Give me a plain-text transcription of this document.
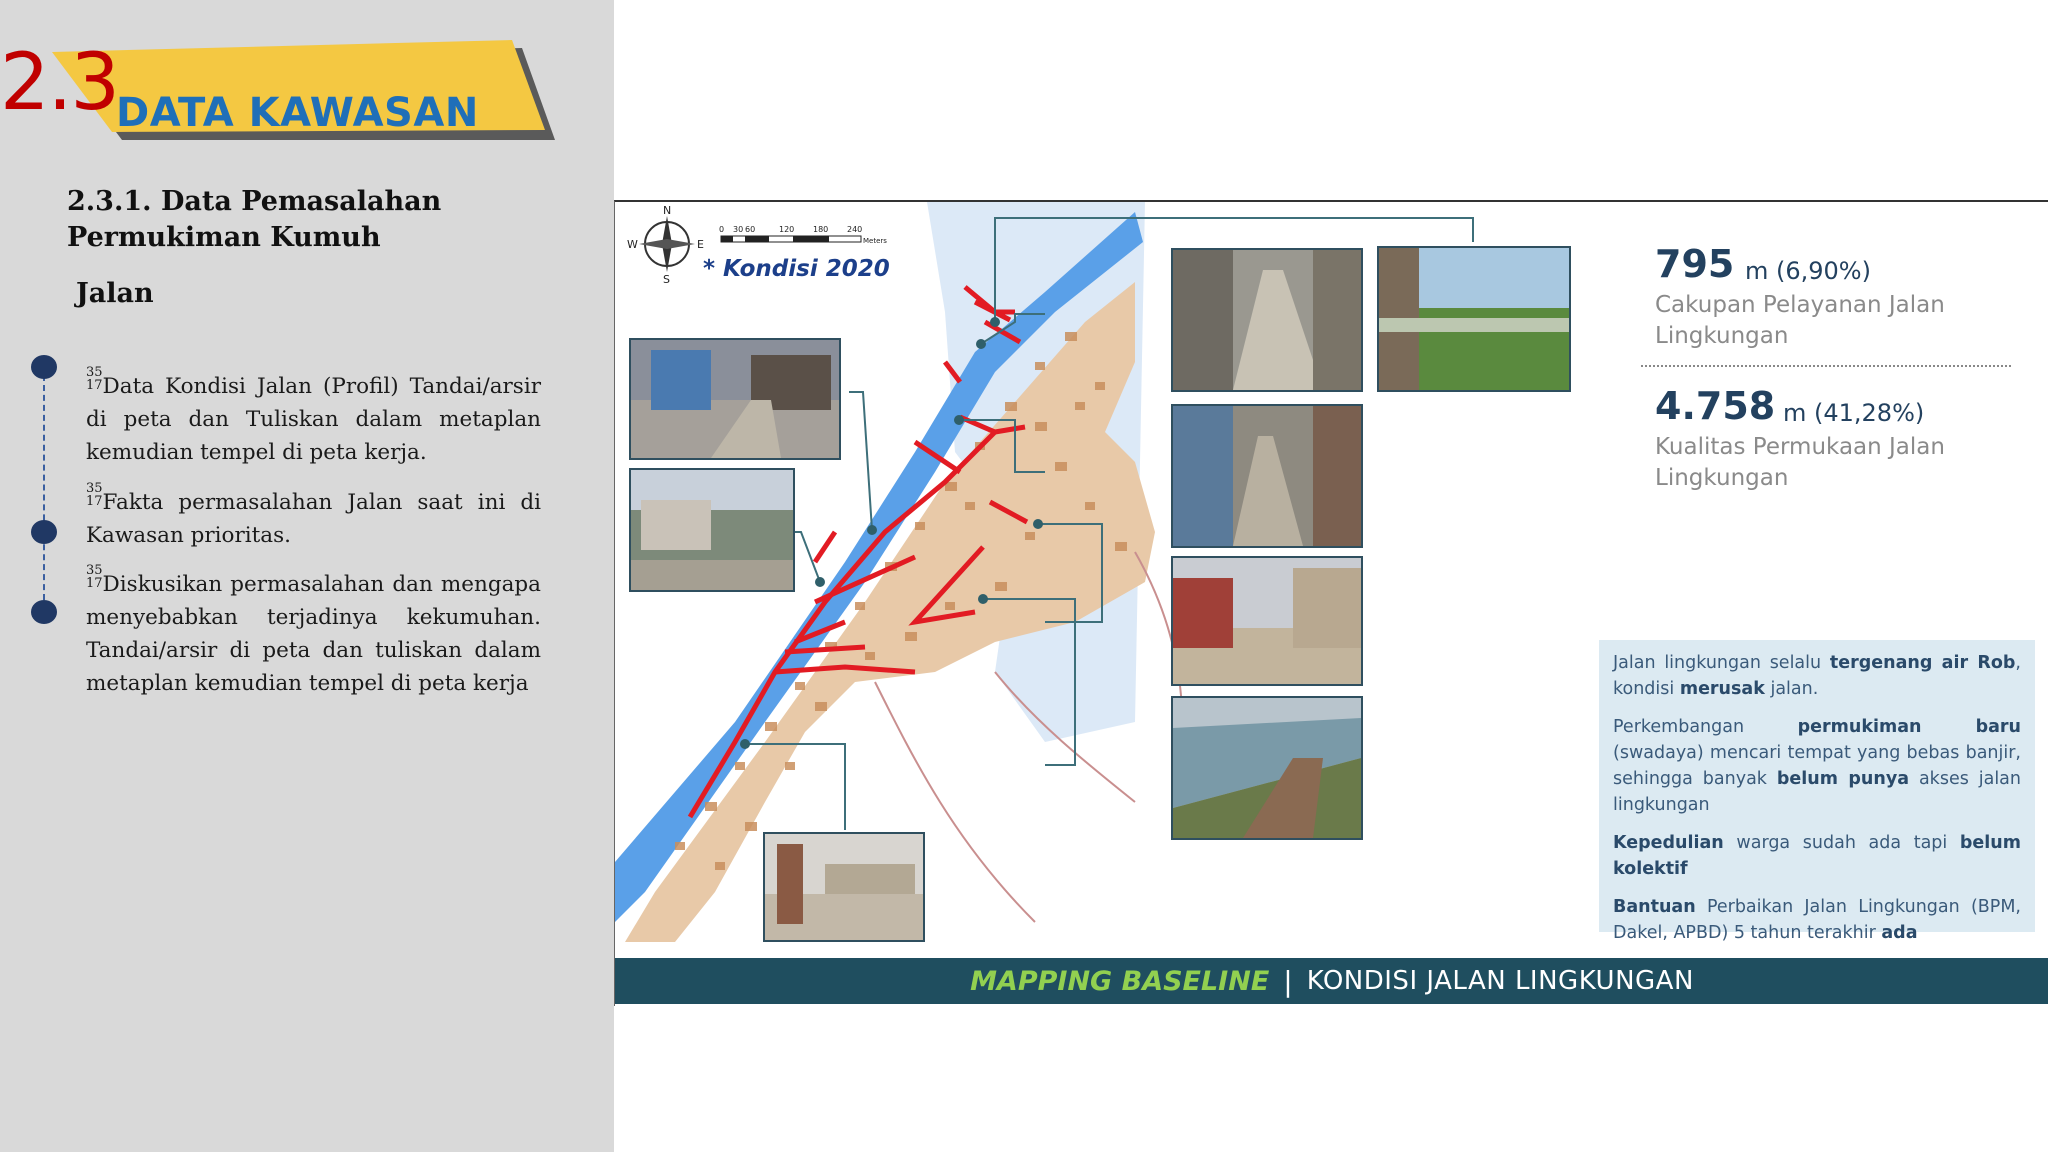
2.3
DATA KAWASAN
2.3.1. Data Pemasalahan Permukiman Kumuh
Jalan
35
17 Data Kondisi Jalan (Profil) Tandai/arsir di peta dan Tuliskan dalam metaplan kemudian tempel di peta kerja.
35
17 Fakta permasalahan Jalan saat ini di Kawasan prioritas.
35
17 Diskusikan permasalahan dan mengapa menyebabkan terjadinya kekumuhan. Tandai/arsir di peta dan tuliskan dalam metaplan kemudian tempel di peta kerja
N
S
E
W
0 30 60	120 180 240
Meters
* Kondisi 2020	795 m (6,90%)
Cakupan Pelayanan Jalan Lingkungan
4.758 m (41,28%)
Kualitas Permukaan Jalan Lingkungan

Jalan lingkungan selalu tergenang air Rob, kondisi merusak jalan.

Perkembangan permukiman baru (swadaya) mencari tempat yang bebas banjir, sehingga banyak belum punya akses jalan lingkungan

Kepedulian warga sudah ada tapi belum kolektif

Bantuan Perbaikan Jalan Lingkungan (BPM, Dakel, APBD) 5 tahun terakhir ada

MAPPING BASELINE | KONDISI JALAN LINGKUNGAN
